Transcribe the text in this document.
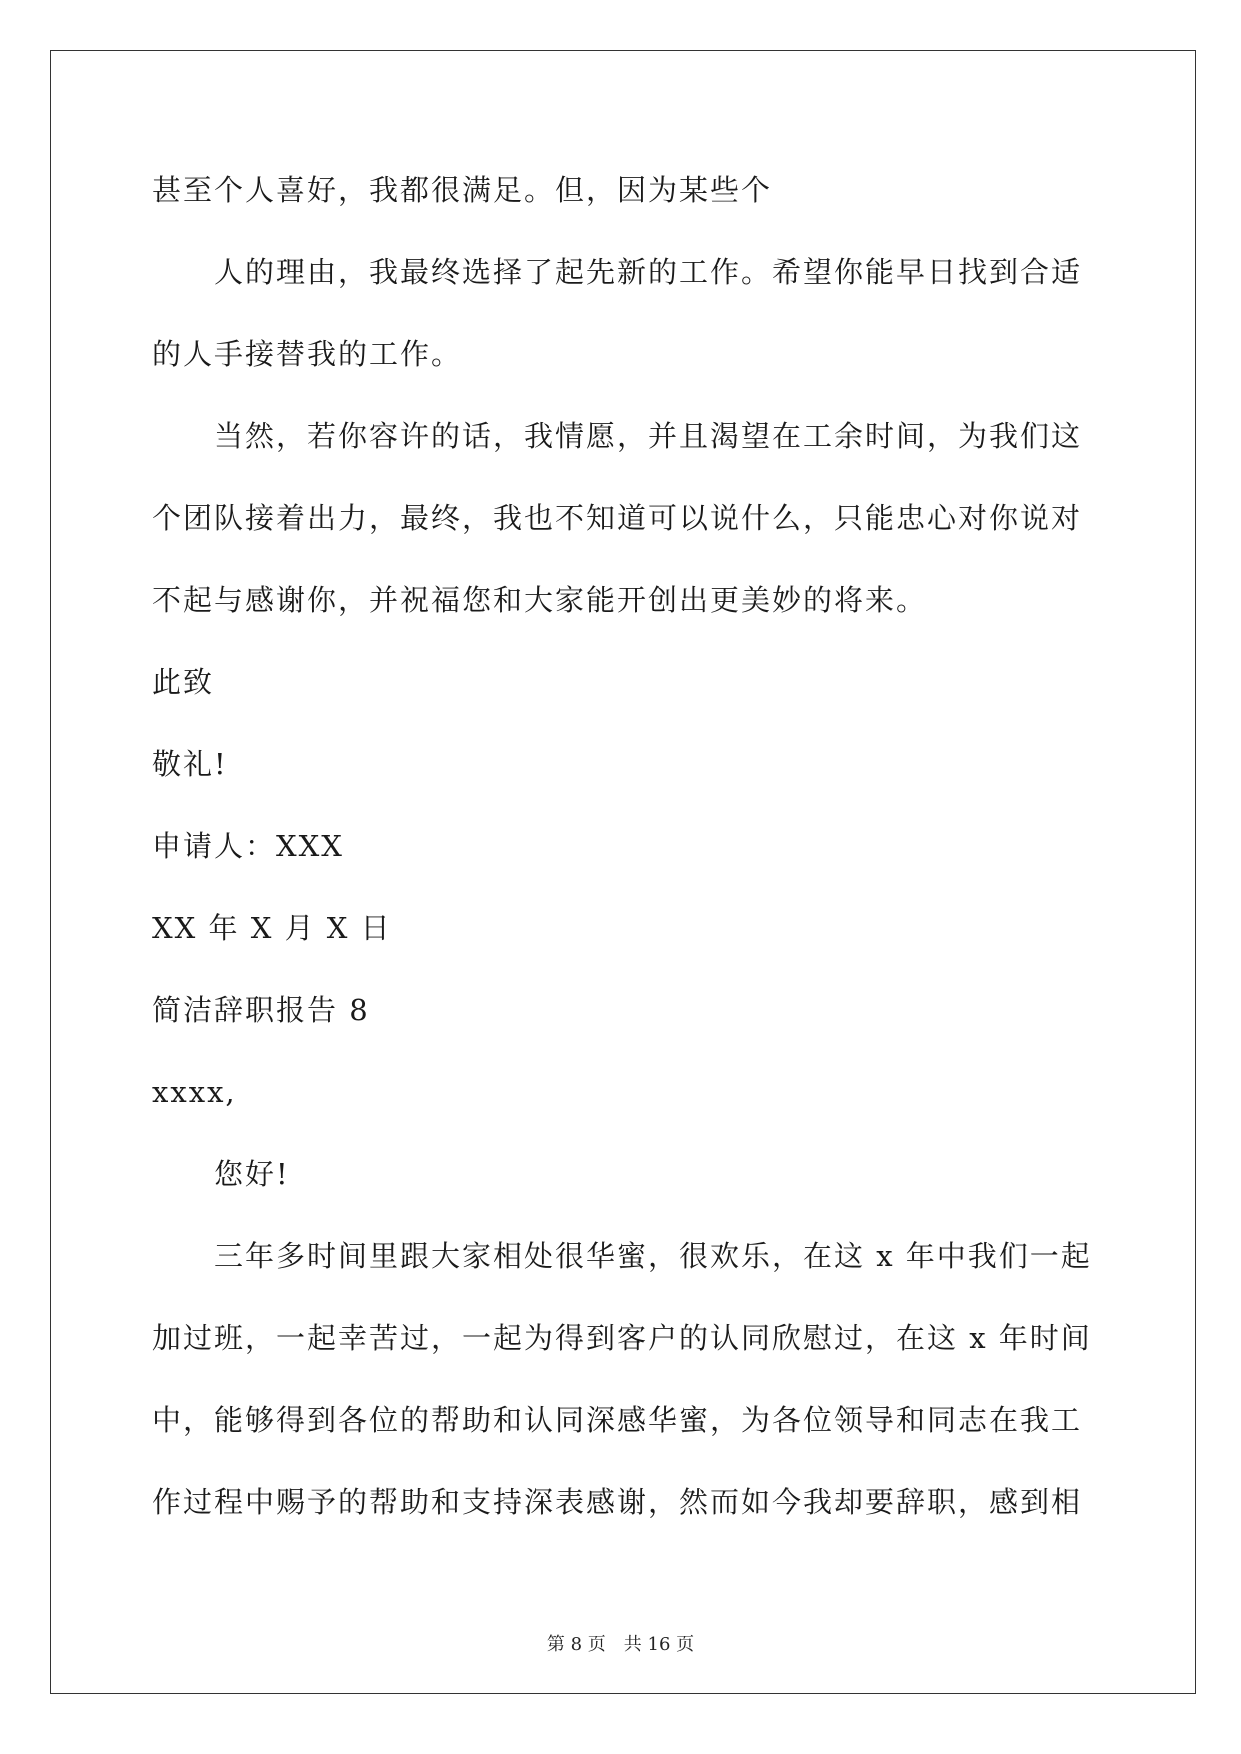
甚至个人喜好，我都很满足。但，因为某些个
人的理由，我最终选择了起先新的工作。希望你能早日找到合适
的人手接替我的工作。
当然，若你容许的话，我情愿，并且渴望在工余时间，为我们这
个团队接着出力，最终，我也不知道可以说什么，只能忠心对你说对
不起与感谢你，并祝福您和大家能开创出更美妙的将来。
此致
敬礼!
申请人：XXX
XX 年 X 月 X 日
简洁辞职报告 8
xxxx,
您好!
三年多时间里跟大家相处很华蜜，很欢乐，在这 x 年中我们一起
加过班，一起幸苦过，一起为得到客户的认同欣慰过，在这 x 年时间
中，能够得到各位的帮助和认同深感华蜜，为各位领导和同志在我工
作过程中赐予的帮助和支持深表感谢，然而如今我却要辞职，感到相
第 8 页 共 16 页
